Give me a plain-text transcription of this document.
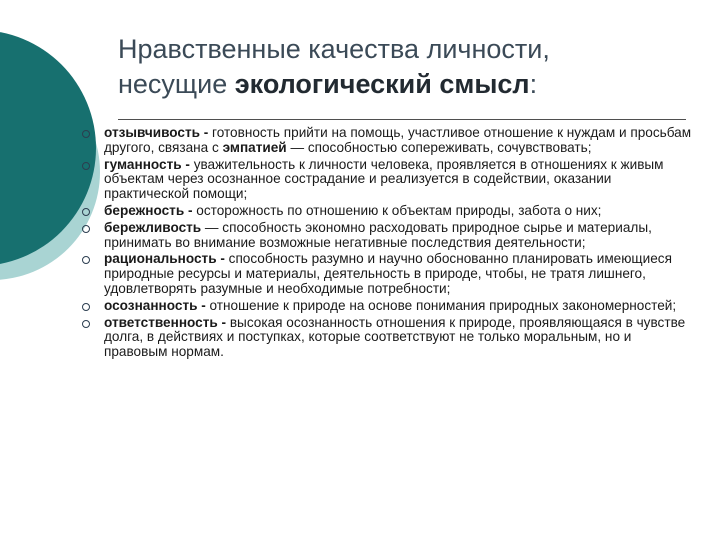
Нравственные качества личности,
несущие экологический смысл:
отзывчивость - готовность прийти на помощь, участливое отношение к нуждам и просьбам другого, связана с эмпатией — способностью сопереживать, сочувствовать;
гуманность - уважительность к личности человека, проявляется в отношениях к живым объектам через осознанное сострадание и реализуется в содействии, оказании практической помощи;
бережность - осторожность по отношению к объектам природы, забота о них;
бережливость — способность экономно расходовать природное сырье и материалы, принимать во внимание возможные негативные последствия деятельности;
рациональность - способность разумно и научно обоснованно планировать имеющиеся природные ресурсы и материалы, деятельность в природе, чтобы, не тратя лишнего, удовлетворять разумные и необходимые потребности;
осознанность - отношение к природе на основе понимания природных закономерностей;
ответственность - высокая осознанность отношения к природе, проявляющаяся в чувстве долга, в действиях и поступках, которые соответствуют не только моральным, но и правовым нормам.
